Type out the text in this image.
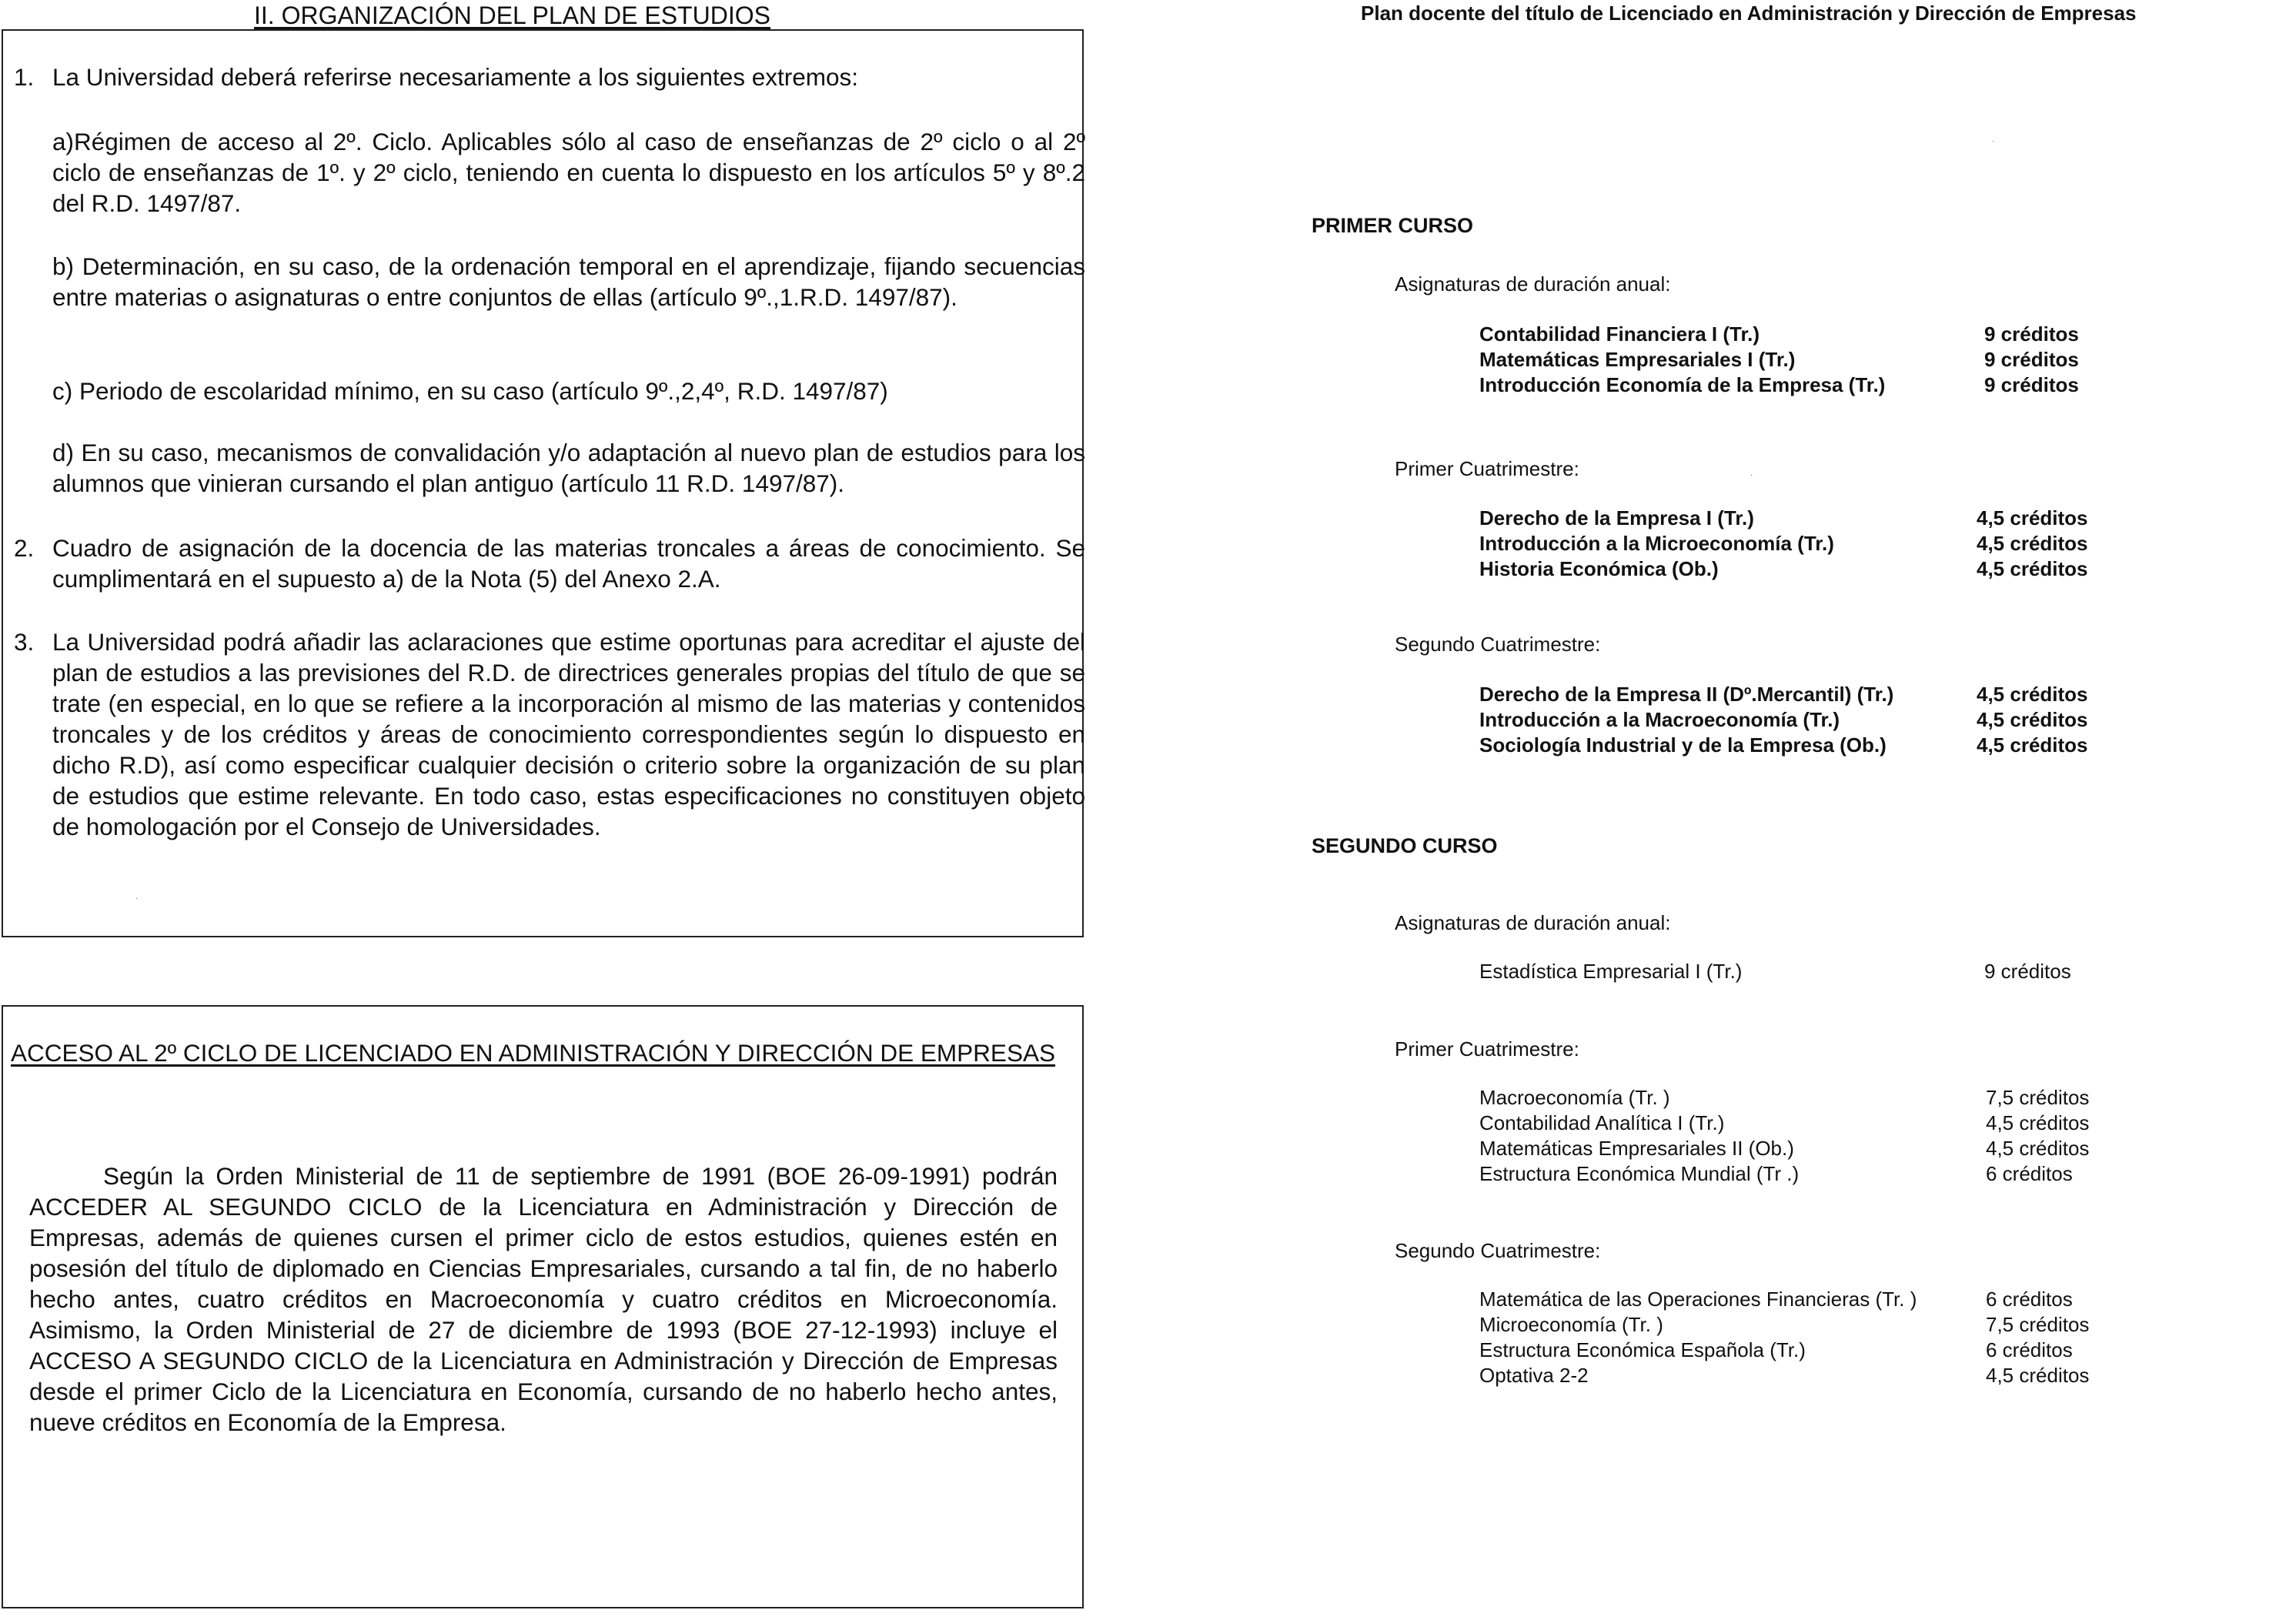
II. ORGANIZACIÓN DEL PLAN DE ESTUDIOS
1. La Universidad deberá referirse necesariamente a los siguientes extremos:
a)Régimen de acceso al 2º. Ciclo. Aplicables sólo al caso de enseñanzas de 2º ciclo o al 2º ciclo de enseñanzas de 1º. y 2º ciclo, teniendo en cuenta lo dispuesto en los artículos 5º y 8º.2 del R.D. 1497/87.
b) Determinación, en su caso, de la ordenación temporal en el aprendizaje, fijando secuencias entre materias o asignaturas o entre conjuntos de ellas (artículo 9º.,1.R.D. 1497/87).
c) Periodo de escolaridad mínimo, en su caso (artículo 9º.,2,4º, R.D. 1497/87)
d) En su caso, mecanismos de convalidación y/o adaptación al nuevo plan de estudios para los alumnos que vinieran cursando el plan antiguo (artículo 11 R.D. 1497/87).
2. Cuadro de asignación de la docencia de las materias troncales a áreas de conocimiento. Se cumplimentará en el supuesto a) de la Nota (5) del Anexo 2.A.
3. La Universidad podrá añadir las aclaraciones que estime oportunas para acreditar el ajuste del plan de estudios a las previsiones del R.D. de directrices generales propias del título de que se trate (en especial, en lo que se refiere a la incorporación al mismo de las materias y contenidos troncales y de los créditos y áreas de conocimiento correspondientes según lo dispuesto en dicho R.D), así como especificar cualquier decisión o criterio sobre la organización de su plan de estudios que estime relevante. En todo caso, estas especificaciones no constituyen objeto de homologación por el Consejo de Universidades.
ACCESO AL 2º CICLO DE LICENCIADO EN ADMINISTRACIÓN Y DIRECCIÓN DE EMPRESAS
Según la Orden Ministerial de 11 de septiembre de 1991 (BOE 26-09-1991) podrán ACCEDER AL SEGUNDO CICLO de la Licenciatura en Administración y Dirección de Empresas, además de quienes cursen el primer ciclo de estos estudios, quienes estén en posesión del título de diplomado en Ciencias Empresariales, cursando a tal fin, de no haberlo hecho antes, cuatro créditos en Macroeconomía y cuatro créditos en Microeconomía. Asimismo, la Orden Ministerial de 27 de diciembre de 1993 (BOE 27-12-1993) incluye el ACCESO A SEGUNDO CICLO de la Licenciatura en Administración y Dirección de Empresas desde el primer Ciclo de la Licenciatura en Economía, cursando de no haberlo hecho antes, nueve créditos en Economía de la Empresa.
Plan docente del título de Licenciado en Administración y Dirección de Empresas
PRIMER CURSO
Asignaturas de duración anual:
Contabilidad Financiera I (Tr.)	9 créditos
Matemáticas Empresariales I (Tr.)	9 créditos
Introducción Economía de la Empresa (Tr.)	9 créditos
Primer Cuatrimestre:
Derecho de la Empresa I (Tr.)	4,5 créditos
Introducción a la Microeconomía (Tr.)	4,5 créditos
Historia Económica (Ob.)	4,5 créditos
Segundo Cuatrimestre:
Derecho de la Empresa II (Dº.Mercantil) (Tr.)	4,5 créditos
Introducción a la Macroeconomía (Tr.)	4,5 créditos
Sociología Industrial y de la Empresa (Ob.)	4,5 créditos
SEGUNDO CURSO
Asignaturas de duración anual:
Estadística Empresarial I (Tr.)	9 créditos
Primer Cuatrimestre:
Macroeconomía (Tr. )	7,5 créditos
Contabilidad Analítica I (Tr.)	4,5 créditos
Matemáticas Empresariales II (Ob.)	4,5 créditos
Estructura Económica Mundial (Tr .)	6 créditos
Segundo Cuatrimestre:
Matemática de las Operaciones Financieras (Tr. )	6 créditos
Microeconomía (Tr. )	7,5 créditos
Estructura Económica Española (Tr.)	6 créditos
Optativa 2-2	4,5 créditos
·
·
·
